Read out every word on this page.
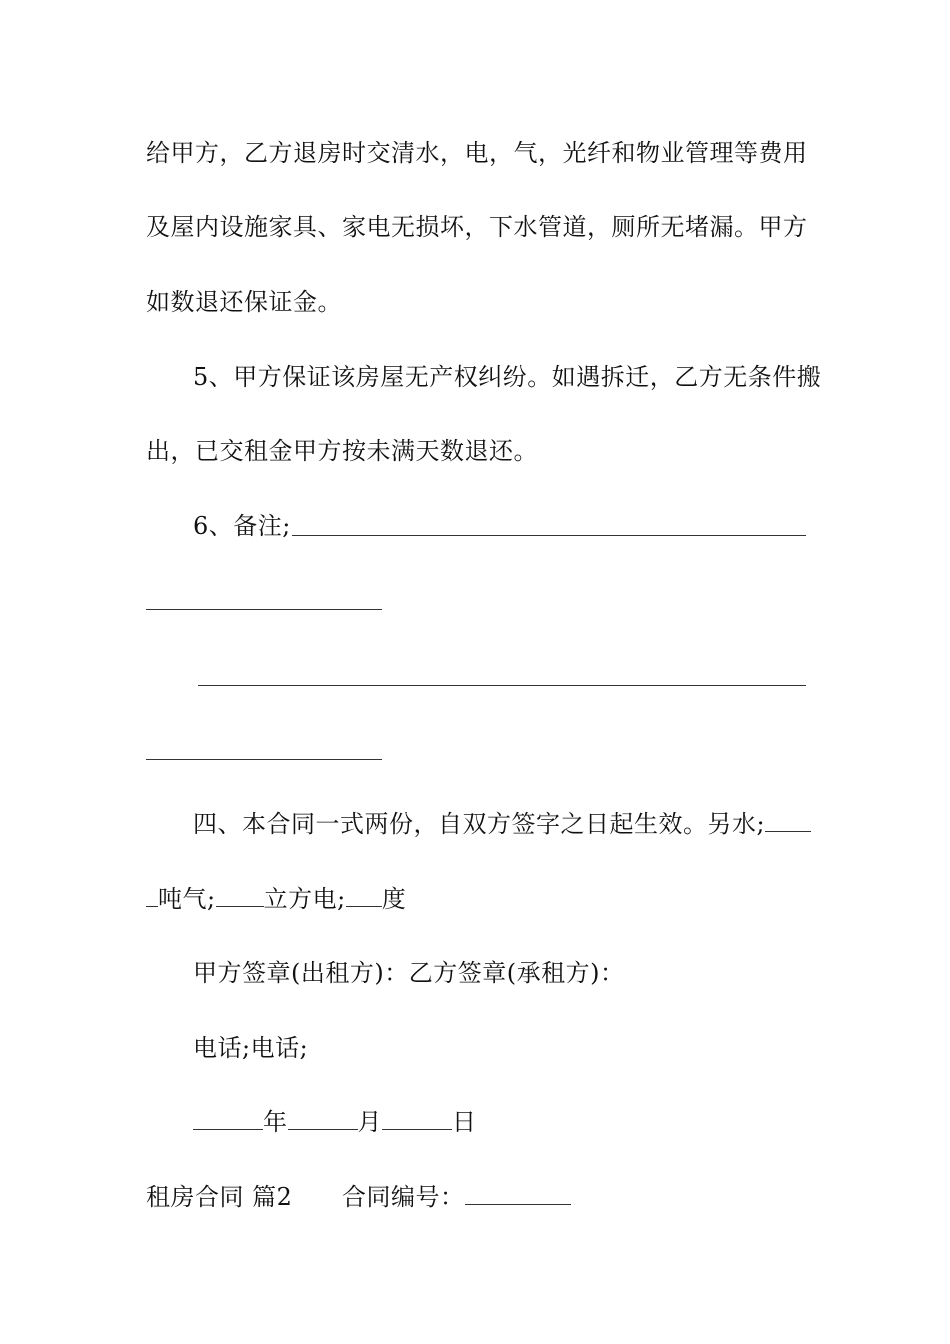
给甲方，乙方退房时交清水，电，气，光纤和物业管理等费用
及屋内设施家具、家电无损坏，下水管道，厕所无堵漏。甲方
如数退还保证金。
5、甲方保证该房屋无产权纠纷。如遇拆迁，乙方无条件搬
出，已交租金甲方按未满天数退还。
6、备注;
四、本合同一式两份，自双方签字之日起生效。另水;
吨气; 立方电; 度
甲方签章(出租方)：乙方签章(承租方)：
电话;电话;
年	月	日
租房合同 篇2 合同编号：
